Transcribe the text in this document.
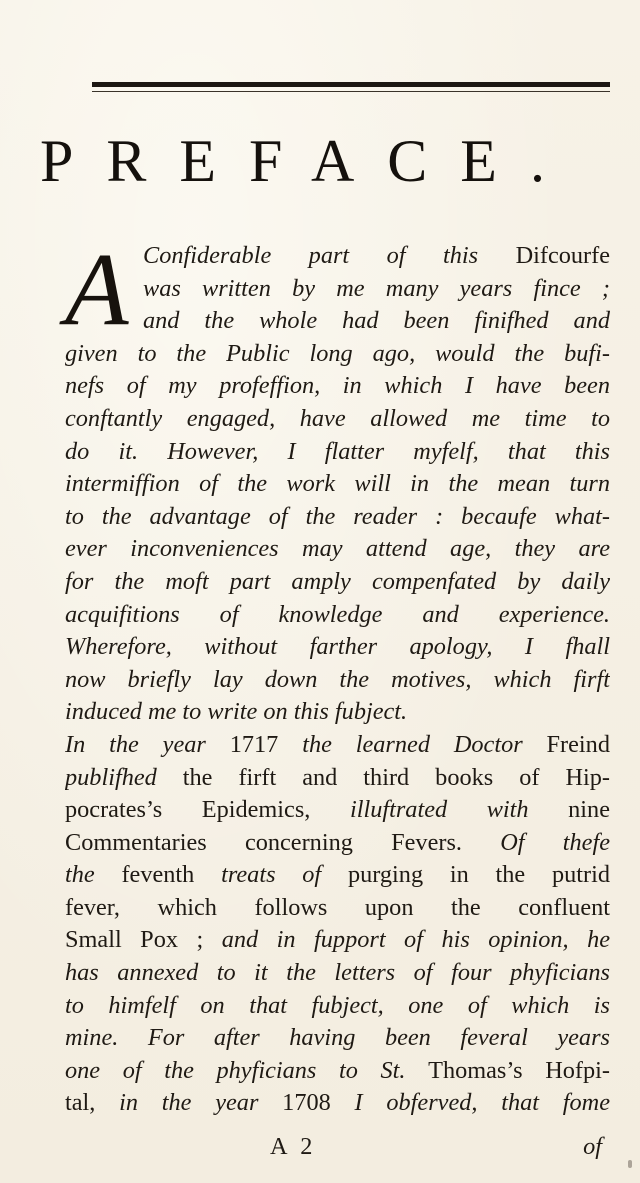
PREFACE.
A Confiderable part of this Difcourfe
was written by me many years fince ;
and the whole had been finifhed and
given to the Public long ago, would the bufi-
nefs of my profeffion, in which I have been
conftantly engaged, have allowed me time to
do it. However, I flatter myfelf, that this
intermiffion of the work will in the mean turn
to the advantage of the reader : becaufe what-
ever inconveniences may attend age, they are
for the moft part amply compenfated by daily
acquifitions of knowledge and experience.
Wherefore, without farther apology, I fhall
now briefly lay down the motives, which firft
induced me to write on this fubject.
In the year 1717 the learned Doctor Freind
publifhed the firft and third books of Hip-
pocrates’s Epidemics, illuftrated with nine
Commentaries concerning Fevers. Of thefe
the feventh treats of purging in the putrid
fever, which follows upon the confluent
Small Pox ; and in fupport of his opinion, he
has annexed to it the letters of four phyficians
to himfelf on that fubject, one of which is
mine. For after having been feveral years
one of the phyficians to St. Thomas’s Hofpi-
tal, in the year 1708 I obferved, that fome
A 2	of
